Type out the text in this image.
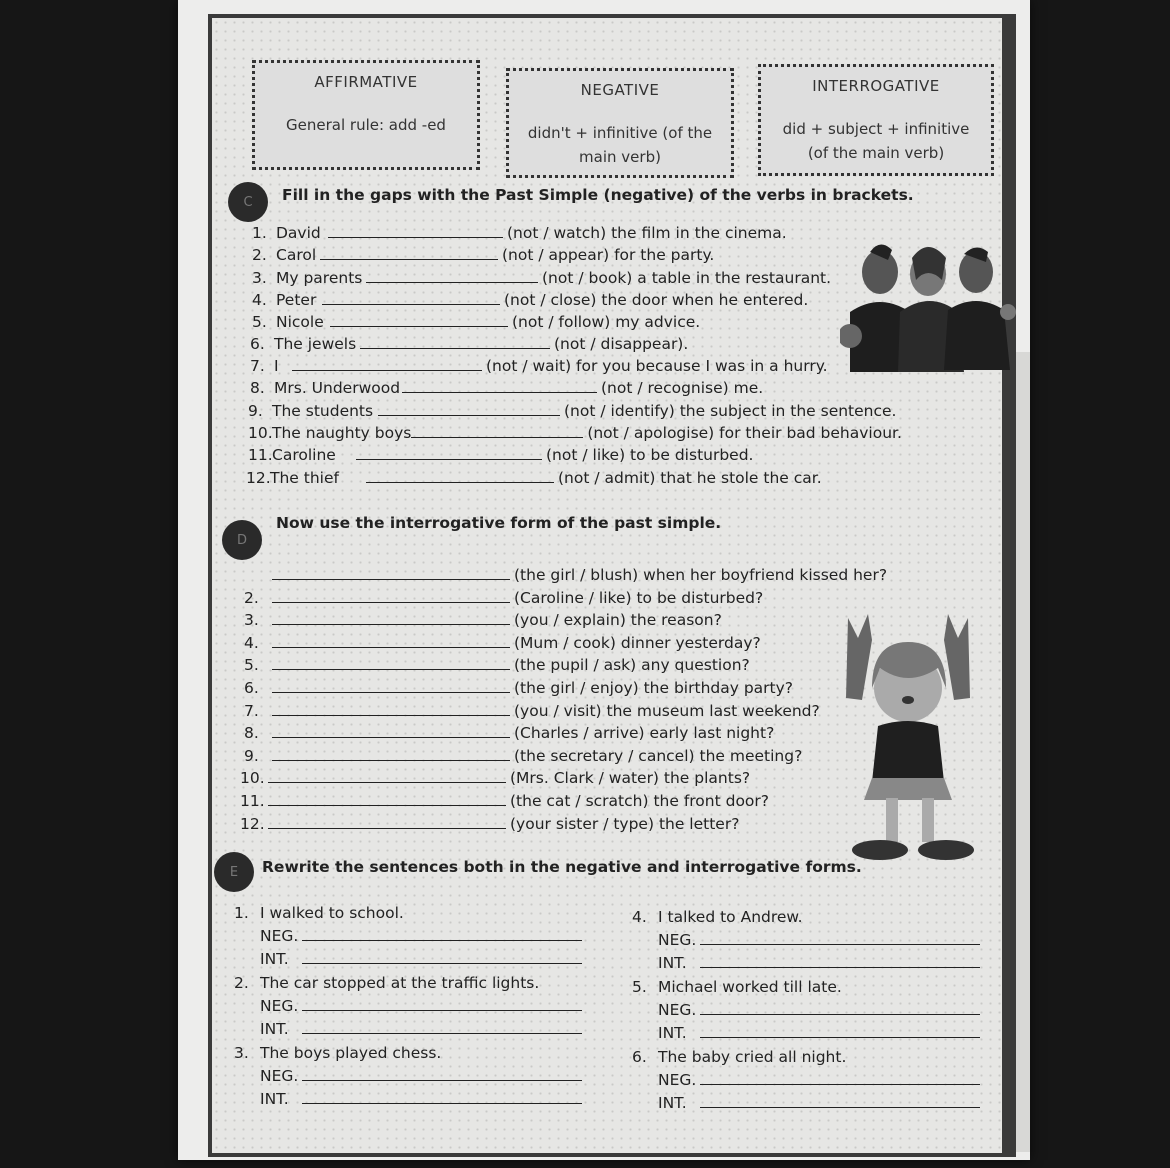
AFFIRMATIVE
General rule: add -ed
NEGATIVE
didn't + infinitive (of the
main verb)
INTERROGATIVE
did + subject + infinitive
(of the main verb)
C	Fill in the gaps with the Past Simple (negative) of the verbs in brackets.
1. David	(not / watch) the film in the cinema.
2. Carol	(not / appear) for the party.
3. My parents	(not / book) a table in the restaurant.
4. Peter	(not / close) the door when he entered.
5. Nicole	(not / follow) my advice.
6. The jewels	(not / disappear).
7. I	(not / wait) for you because I was in a hurry.
8. Mrs. Underwood	(not / recognise) me.
9. The students	(not / identify) the subject in the sentence.
10.The naughty boys	(not / apologise) for their bad behaviour.
11.Caroline	(not / like) to be disturbed.
12.The thief	(not / admit) that he stole the car.
D
Now use the interrogative form of the past simple.
(the girl / blush) when her boyfriend kissed her?
2.	(Caroline / like) to be disturbed?
3.	(you / explain) the reason?
4.	(Mum / cook) dinner yesterday?
5.	(the pupil / ask) any question?
6.	(the girl / enjoy) the birthday party?
7.	(you / visit) the museum last weekend?
8.	(Charles / arrive) early last night?
9.	(the secretary / cancel) the meeting?
10.	(Mrs. Clark / water) the plants?
11.	(the cat / scratch) the front door?
12.	(your sister / type) the letter?
E	Rewrite the sentences both in the negative and interrogative forms.
1. I walked to school.
NEG.
INT.
2. The car stopped at the traffic lights.
NEG.
INT.
3. The boys played chess.
NEG.
INT.
4. I talked to Andrew.
NEG.
INT.
5. Michael worked till late.
NEG.
INT.
6. The baby cried all night.
NEG.
INT.
